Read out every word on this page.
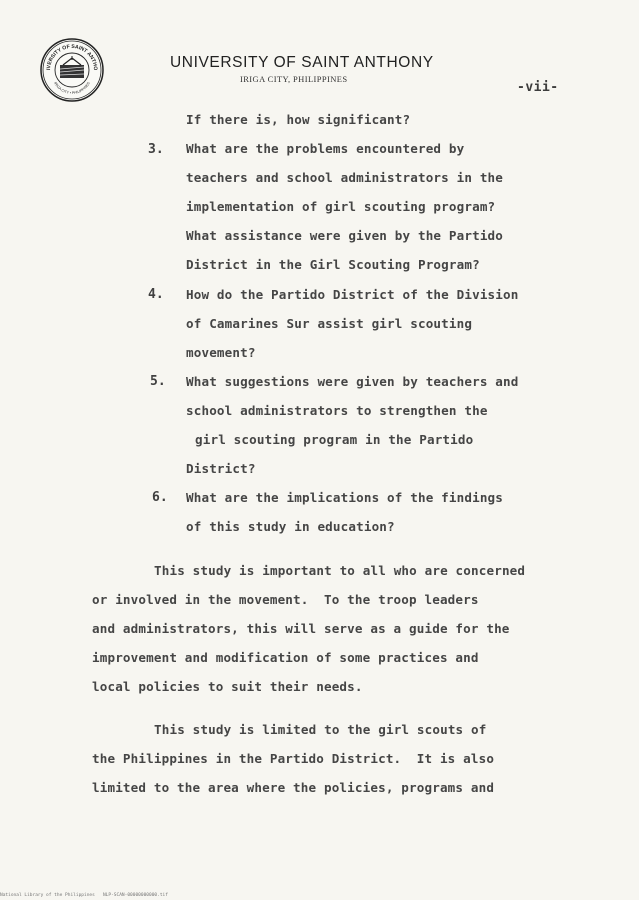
IVERSITY OF SAINT ANTHO
IRIGA CITY • PHILIPPINES
UNIVERSITY OF SAINT ANTHONY
IRIGA CITY, PHILIPPINES
-vii-
3.
4.
5.
6.
If there is, how significant?
What are the problems encountered by
teachers and school administrators in the
implementation of girl scouting program?
What assistance were given by the Partido
District in the Girl Scouting Program?
How do the Partido District of the Division
of Camarines Sur assist girl scouting
movement?
What suggestions were given by teachers and
school administrators to strengthen the
girl scouting program in the Partido
District?
What are the implications of the findings
of this study in education?
This study is important to all who are concerned
or involved in the movement.  To the troop leaders
and administrators, this will serve as a guide for the
improvement and modification of some practices and
local policies to suit their needs.
This study is limited to the girl scouts of
the Philippines in the Partido District.  It is also
limited to the area where the policies, programs and
National Library of the Philippines   NLP-SCAN-00000000000.tif
